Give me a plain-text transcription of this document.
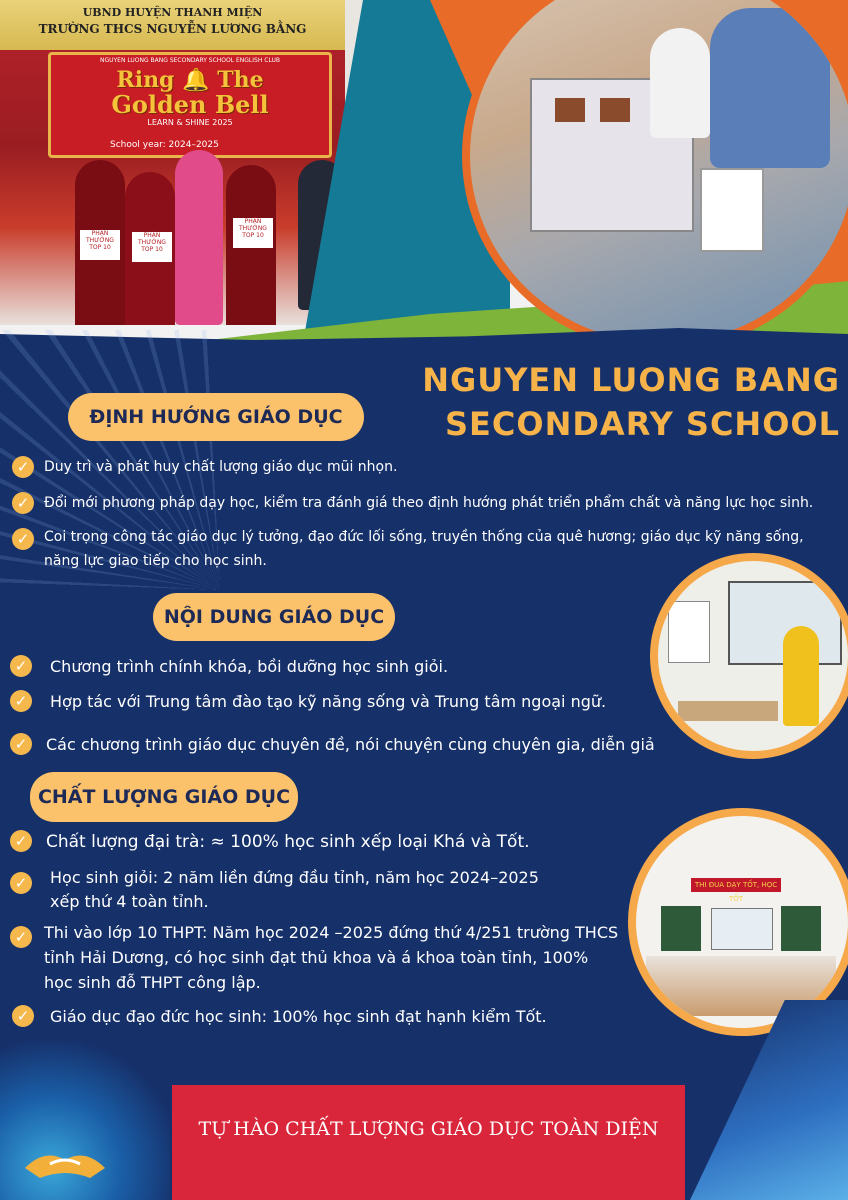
UBND HUYỆN THANH MIỆN
TRƯỜNG THCS NGUYỄN LƯƠNG BẰNG
NGUYEN LUONG BANG SECONDARY SCHOOL ENGLISH CLUB
Ring 🔔 The
Golden Bell
LEARN & SHINE 2025
School year: 2024–2025
PHẦN THƯỞNG TOP 10
PHẦN THƯỞNG TOP 10
PHẦN THƯỞNG TOP 10
NGUYEN LUONG BANG
SECONDARY SCHOOL
ĐỊNH HƯỚNG GIÁO DỤC
✓	Duy trì và phát huy chất lượng giáo dục mũi nhọn.
✓	Đổi mới phương pháp dạy học, kiểm tra đánh giá theo định hướng phát triển phẩm chất và năng lực học sinh.
✓	Coi trọng công tác giáo dục lý tưởng, đạo đức lối sống, truyền thống của quê hương; giáo dục kỹ năng sống, năng lực giao tiếp cho học sinh.
NỘI DUNG GIÁO DỤC
✓ Chương trình chính khóa, bồi dưỡng học sinh giỏi.
✓ Hợp tác với Trung tâm đào tạo kỹ năng sống và Trung tâm ngoại ngữ.
✓ Các chương trình giáo dục chuyên đề, nói chuyện cùng chuyên gia, diễn giả
CHẤT LƯỢNG GIÁO DỤC
✓ Chất lượng đại trà: ≈ 100% học sinh xếp loại Khá và Tốt.
✓ Học sinh giỏi: 2 năm liền đứng đầu tỉnh, năm học 2024–2025 xếp thứ 4 toàn tỉnh.
✓ Thi vào lớp 10 THPT: Năm học 2024 –2025 đứng thứ 4/251 trường THCS tỉnh Hải Dương, có học sinh đạt thủ khoa và á khoa toàn tỉnh, 100% học sinh đỗ THPT công lập.
✓ Giáo dục đạo đức học sinh: 100% học sinh đạt hạnh kiểm Tốt.
THI ĐUA DẠY TỐT, HỌC TỐT
TỰ HÀO CHẤT LƯỢNG GIÁO DỤC TOÀN DIỆN
